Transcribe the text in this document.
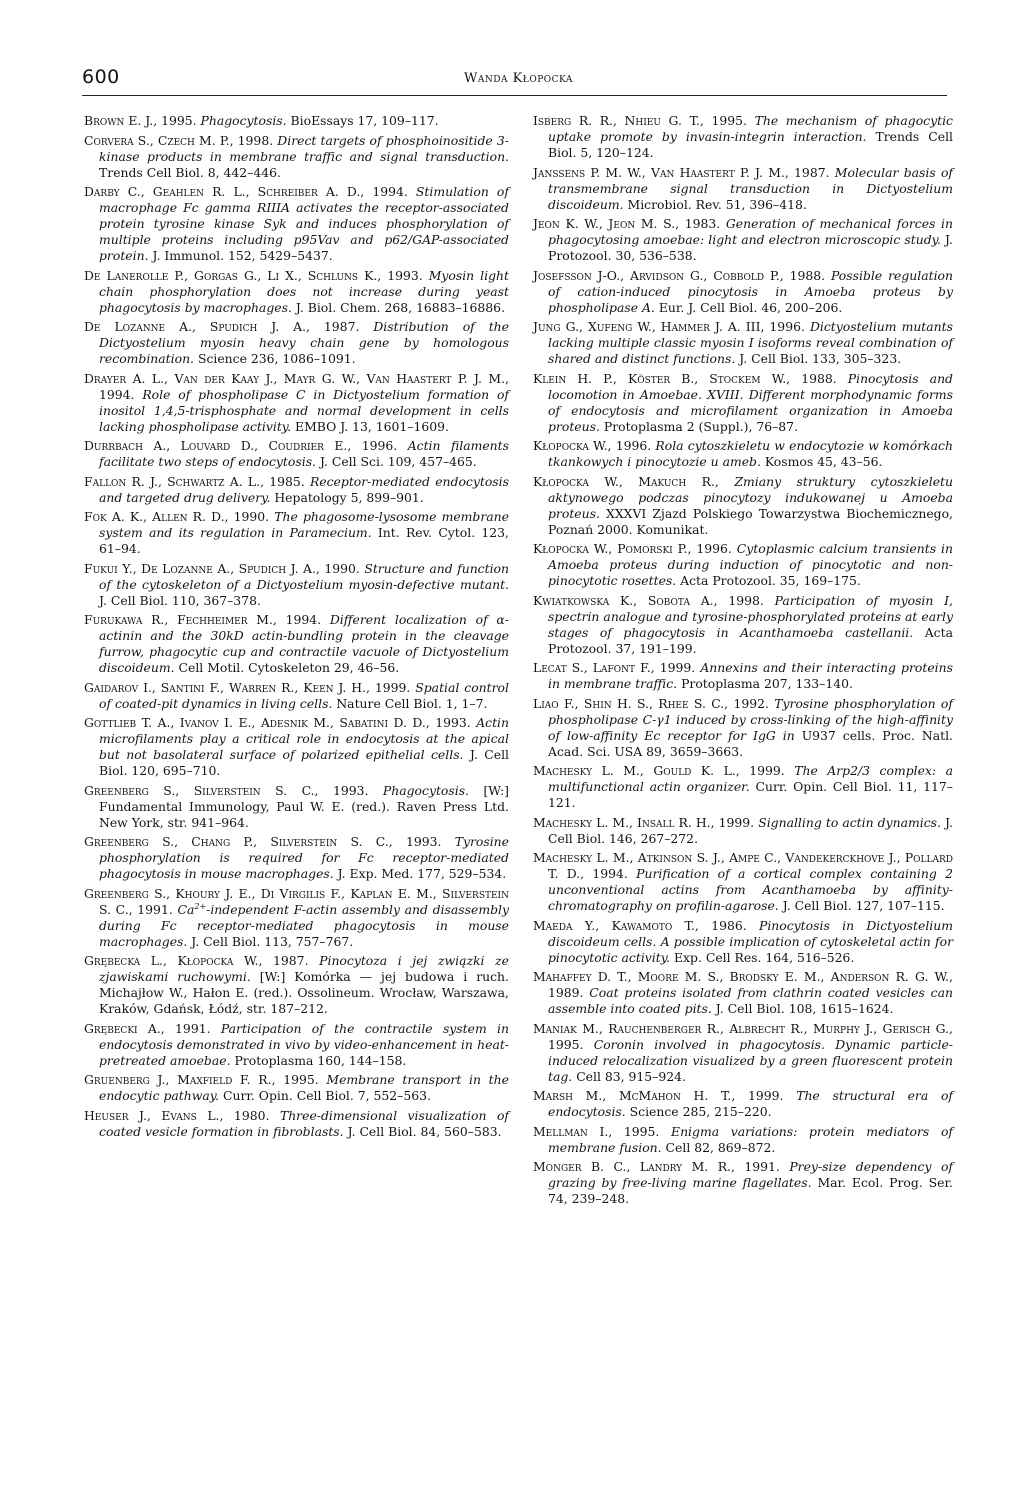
600	Wanda Kłopocka

Brown E. J., 1995. Phagocytosis. BioEssays 17, 109–117.

Corvera S., Czech M. P., 1998. Direct targets of phosphoinositide 3-kinase products in membrane traffic and signal transduction. Trends Cell Biol. 8, 442–446.

Darby C., Geahlen R. L., Schreiber A. D., 1994. Stimulation of macrophage Fc gamma RIIIA activates the receptor-associated protein tyrosine kinase Syk and induces phosphorylation of multiple proteins including p95Vav and p62/GAP-associated protein. J. Immunol. 152, 5429–5437.

De Lanerolle P., Gorgas G., Li X., Schluns K., 1993. Myosin light chain phosphorylation does not increase during yeast phagocytosis by macrophages. J. Biol. Chem. 268, 16883–16886.

De Lozanne A., Spudich J. A., 1987. Distribution of the Dictyostelium myosin heavy chain gene by homologous recombination. Science 236, 1086–1091.

Drayer A. L., Van der Kaay J., Mayr G. W., Van Haastert P. J. M., 1994. Role of phospholipase C in Dictyostelium formation of inositol 1,4,5-trisphosphate and normal development in cells lacking phospholipase activity. EMBO J. 13, 1601–1609.

Durrbach A., Louvard D., Coudrier E., 1996. Actin filaments facilitate two steps of endocytosis. J. Cell Sci. 109, 457–465.

Fallon R. J., Schwartz A. L., 1985. Receptor-mediated endocytosis and targeted drug delivery. Hepatology 5, 899–901.

Fok A. K., Allen R. D., 1990. The phagosome-lysosome membrane system and its regulation in Paramecium. Int. Rev. Cytol. 123, 61–94.

Fukui Y., De Lozanne A., Spudich J. A., 1990. Structure and function of the cytoskeleton of a Dictyostelium myosin-defective mutant. J. Cell Biol. 110, 367–378.

Furukawa R., Fechheimer M., 1994. Different localization of α-actinin and the 30kD actin-bundling protein in the cleavage furrow, phagocytic cup and contractile vacuole of Dictyostelium discoideum. Cell Motil. Cytoskeleton 29, 46–56.

Gaidarov I., Santini F., Warren R., Keen J. H., 1999. Spatial control of coated-pit dynamics in living cells. Nature Cell Biol. 1, 1–7.

Gottlieb T. A., Ivanov I. E., Adesnik M., Sabatini D. D., 1993. Actin microfilaments play a critical role in endocytosis at the apical but not basolateral surface of polarized epithelial cells. J. Cell Biol. 120, 695–710.

Greenberg S., Silverstein S. C., 1993. Phagocytosis. [W:] Fundamental Immunology, Paul W. E. (red.). Raven Press Ltd. New York, str. 941–964.

Greenberg S., Chang P., Silverstein S. C., 1993. Tyrosine phosphorylation is required for Fc receptor-mediated phagocytosis in mouse macrophages. J. Exp. Med. 177, 529–534.

Greenberg S., Khoury J. E., Di Virgilis F., Kaplan E. M., Silverstein S. C., 1991. $Ca^{2+}$-independent F-actin assembly and disassembly during Fc receptor-mediated phagocytosis in mouse macrophages. J. Cell Biol. 113, 757–767.

Grębecka L., Kłopocka W., 1987. Pinocytoza i jej związki ze zjawiskami ruchowymi. [W:] Komórka — jej budowa i ruch. Michajłow W., Hałon E. (red.). Ossolineum. Wrocław, Warszawa, Kraków, Gdańsk, Łódź, str. 187–212.

Grębecki A., 1991. Participation of the contractile system in endocytosis demonstrated in vivo by video-enhancement in heat-pretreated amoebae. Protoplasma 160, 144–158.

Gruenberg J., Maxfield F. R., 1995. Membrane transport in the endocytic pathway. Curr. Opin. Cell Biol. 7, 552–563.

Heuser J., Evans L., 1980. Three-dimensional visualization of coated vesicle formation in fibroblasts. J. Cell Biol. 84, 560–583.

Isberg R. R., Nhieu G. T., 1995. The mechanism of phagocytic uptake promote by invasin-integrin interaction. Trends Cell Biol. 5, 120–124.

Janssens P. M. W., Van Haastert P. J. M., 1987. Molecular basis of transmembrane signal transduction in Dictyostelium discoideum. Microbiol. Rev. 51, 396–418.

Jeon K. W., Jeon M. S., 1983. Generation of mechanical forces in phagocytosing amoebae: light and electron microscopic study. J. Protozool. 30, 536–538.

Josefsson J-O., Arvidson G., Cobbold P., 1988. Possible regulation of cation-induced pinocytosis in Amoeba proteus by phospholipase A. Eur. J. Cell Biol. 46, 200–206.

Jung G., Xufeng W., Hammer J. A. III, 1996. Dictyostelium mutants lacking multiple classic myosin I isoforms reveal combination of shared and distinct functions. J. Cell Biol. 133, 305–323.

Klein H. P., Köster B., Stockem W., 1988. Pinocytosis and locomotion in Amoebae. XVIII. Different morphodynamic forms of endocytosis and microfilament organization in Amoeba proteus. Protoplasma 2 (Suppl.), 76–87.

Kłopocka W., 1996. Rola cytoszkieletu w endocytozie w komórkach tkankowych i pinocytozie u ameb. Kosmos 45, 43–56.

Kłopocka W., Makuch R., Zmiany struktury cytoszkieletu aktynowego podczas pinocytozy indukowanej u Amoeba proteus. XXXVI Zjazd Polskiego Towarzystwa Biochemicznego, Poznań 2000. Komunikat.

Kłopocka W., Pomorski P., 1996. Cytoplasmic calcium transients in Amoeba proteus during induction of pinocytotic and non-pinocytotic rosettes. Acta Protozool. 35, 169–175.

Kwiatkowska K., Sobota A., 1998. Participation of myosin I, spectrin analogue and tyrosine-phosphorylated proteins at early stages of phagocytosis in Acanthamoeba castellanii. Acta Protozool. 37, 191–199.

Lecat S., Lafont F., 1999. Annexins and their interacting proteins in membrane traffic. Protoplasma 207, 133–140.

Liao F., Shin H. S., Rhee S. C., 1992. Tyrosine phosphorylation of phospholipase C-γ1 induced by cross-linking of the high-affinity of low-affinity Ec receptor for IgG in U937 cells. Proc. Natl. Acad. Sci. USA 89, 3659–3663.

Machesky L. M., Gould K. L., 1999. The Arp2/3 complex: a multifunctional actin organizer. Curr. Opin. Cell Biol. 11, 117–121.

Machesky L. M., Insall R. H., 1999. Signalling to actin dynamics. J. Cell Biol. 146, 267–272.

Machesky L. M., Atkinson S. J., Ampe C., Vandekerckhove J., Pollard T. D., 1994. Purification of a cortical complex containing 2 unconventional actins from Acanthamoeba by affinity-chromatography on profilin-agarose. J. Cell Biol. 127, 107–115.

Maeda Y., Kawamoto T., 1986. Pinocytosis in Dictyostelium discoideum cells. A possible implication of cytoskeletal actin for pinocytotic activity. Exp. Cell Res. 164, 516–526.

Mahaffey D. T., Moore M. S., Brodsky E. M., Anderson R. G. W., 1989. Coat proteins isolated from clathrin coated vesicles can assemble into coated pits. J. Cell Biol. 108, 1615–1624.

Maniak M., Rauchenberger R., Albrecht R., Murphy J., Gerisch G., 1995. Coronin involved in phagocytosis. Dynamic particle-induced relocalization visualized by a green fluorescent protein tag. Cell 83, 915–924.

Marsh M., McMahon H. T., 1999. The structural era of endocytosis. Science 285, 215–220.

Mellman I., 1995. Enigma variations: protein mediators of membrane fusion. Cell 82, 869–872.

Monger B. C., Landry M. R., 1991. Prey-size dependency of grazing by free-living marine flagellates. Mar. Ecol. Prog. Ser. 74, 239–248.
